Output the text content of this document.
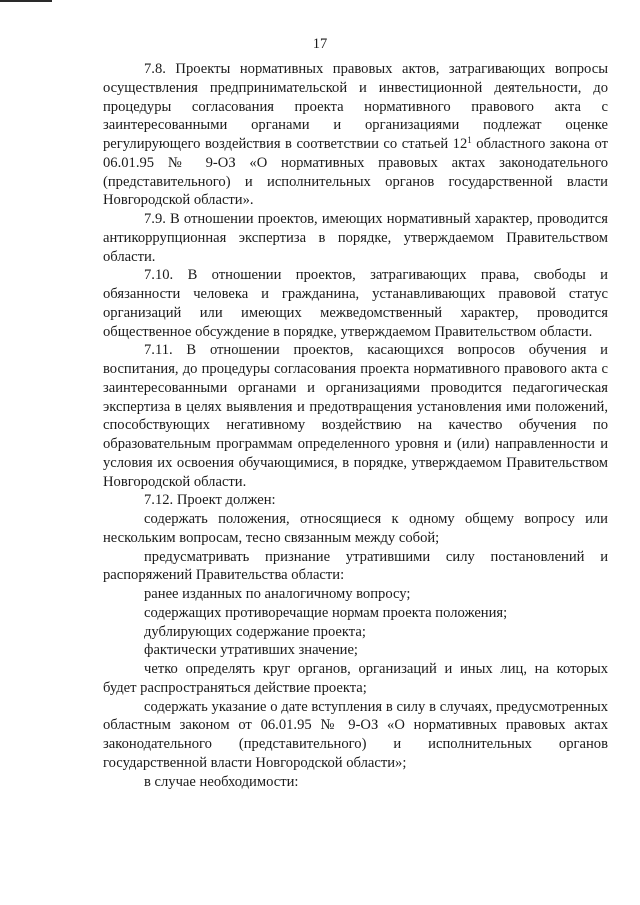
17

7.8. Проекты нормативных правовых актов, затрагивающих вопросы осуществления предпринимательской и инвестиционной деятельности, до процедуры согласования проекта нормативного правового акта с заинтересованными органами и организациями подлежат оценке регулирующего воздействия в соответствии со статьей $12^1$ областного закона от 06.01.95 № 9-ОЗ «О нормативных правовых актах законодательного (представительного) и исполнительных органов государственной власти Новгородской области».

7.9. В отношении проектов, имеющих нормативный характер, проводится антикоррупционная экспертиза в порядке, утверждаемом Правительством области.

7.10. В отношении проектов, затрагивающих права, свободы и обязанности человека и гражданина, устанавливающих правовой статус организаций или имеющих межведомственный характер, проводится общественное обсуждение в порядке, утверждаемом Правительством области.

7.11. В отношении проектов, касающихся вопросов обучения и воспитания, до процедуры согласования проекта нормативного правового акта с заинтересованными органами и организациями проводится педагогическая экспертиза в целях выявления и предотвращения установления ими положений, способствующих негативному воздействию на качество обучения по образовательным программам определенного уровня и (или) направленности и условия их освоения обучающимися, в порядке, утверждаемом Правительством Новгородской области.

7.12. Проект должен:

содержать положения, относящиеся к одному общему вопросу или нескольким вопросам, тесно связанным между собой;

предусматривать признание утратившими силу постановлений и распоряжений Правительства области:

ранее изданных по аналогичному вопросу;

содержащих противоречащие нормам проекта положения;

дублирующих содержание проекта;

фактически утративших значение;

четко определять круг органов, организаций и иных лиц, на которых будет распространяться действие проекта;

содержать указание о дате вступления в силу в случаях, предусмотренных областным законом от 06.01.95 № 9-ОЗ «О нормативных правовых актах законодательного (представительного) и исполнительных органов государственной власти Новгородской области»;

в случае необходимости:
